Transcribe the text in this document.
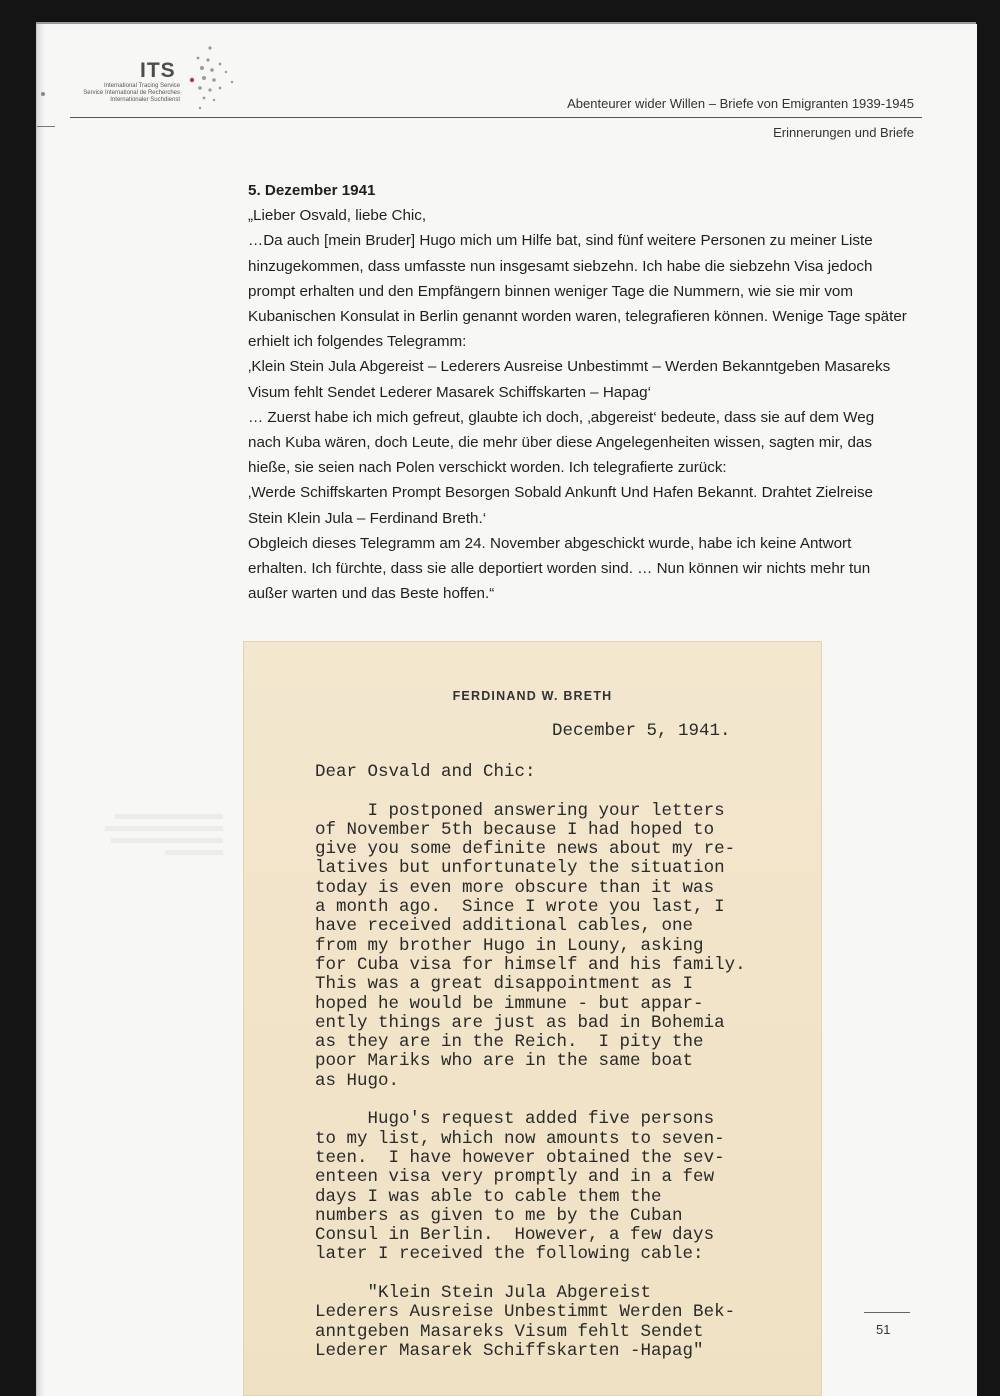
ITS
International Tracing Service
Service International de Recherches
Internationaler Suchdienst	Abenteurer wider Willen – Briefe von Emigranten 1939-1945
Erinnerungen und Briefe

5. Dezember 1941

„Lieber Osvald, liebe Chic,

…Da auch [mein Bruder] Hugo mich um Hilfe bat, sind fünf weitere Personen zu meiner Liste hinzugekommen, dass umfasste nun insgesamt siebzehn. Ich habe die siebzehn Visa jedoch prompt erhalten und den Empfängern binnen weniger Tage die Nummern, wie sie mir vom Kubanischen Konsulat in Berlin genannt worden waren, telegrafieren können. Wenige Tage später erhielt ich folgendes Telegramm:

‚Klein Stein Jula Abgereist – Lederers Ausreise Unbestimmt – Werden Bekanntgeben Masareks Visum fehlt Sendet Lederer Masarek Schiffskarten – Hapag‘

… Zuerst habe ich mich gefreut, glaubte ich doch, ‚abgereist‘ bedeute, dass sie auf dem Weg nach Kuba wären, doch Leute, die mehr über diese Angelegenheiten wissen, sagten mir, das hieße, sie seien nach Polen verschickt worden. Ich telegrafierte zurück:

‚Werde Schiffskarten Prompt Besorgen Sobald Ankunft Und Hafen Bekannt. Drahtet Zielreise Stein Klein Jula – Ferdinand Breth.‘

Obgleich dieses Telegramm am 24. November abgeschickt wurde, habe ich keine Antwort erhalten. Ich fürchte, dass sie alle deportiert worden sind. … Nun können wir nichts mehr tun außer warten und das Beste hoffen.“

FERDINAND W. BRETH
December 5, 1941.
Dear Osvald and Chic:

I postponed answering your letters
of November 5th because I had hoped to
give you some definite news about my re-
latives but unfortunately the situation
today is even more obscure than it was
a month ago.  Since I wrote you last, I
have received additional cables, one
from my brother Hugo in Louny, asking
for Cuba visa for himself and his family.
This was a great disappointment as I
hoped he would be immune - but appar-
ently things are just as bad in Bohemia
as they are in the Reich.  I pity the
poor Mariks who are in the same boat
as Hugo.

Hugo's request added five persons
to my list, which now amounts to seven-
teen.  I have however obtained the sev-
enteen visa very promptly and in a few
days I was able to cable them the
numbers as given to me by the Cuban
Consul in Berlin.  However, a few days
later I received the following cable:

"Klein Stein Jula Abgereist
Lederers Ausreise Unbestimmt Werden Bek-
anntgeben Masareks Visum fehlt Sendet
Lederer Masarek Schiffskarten -Hapag"
51
